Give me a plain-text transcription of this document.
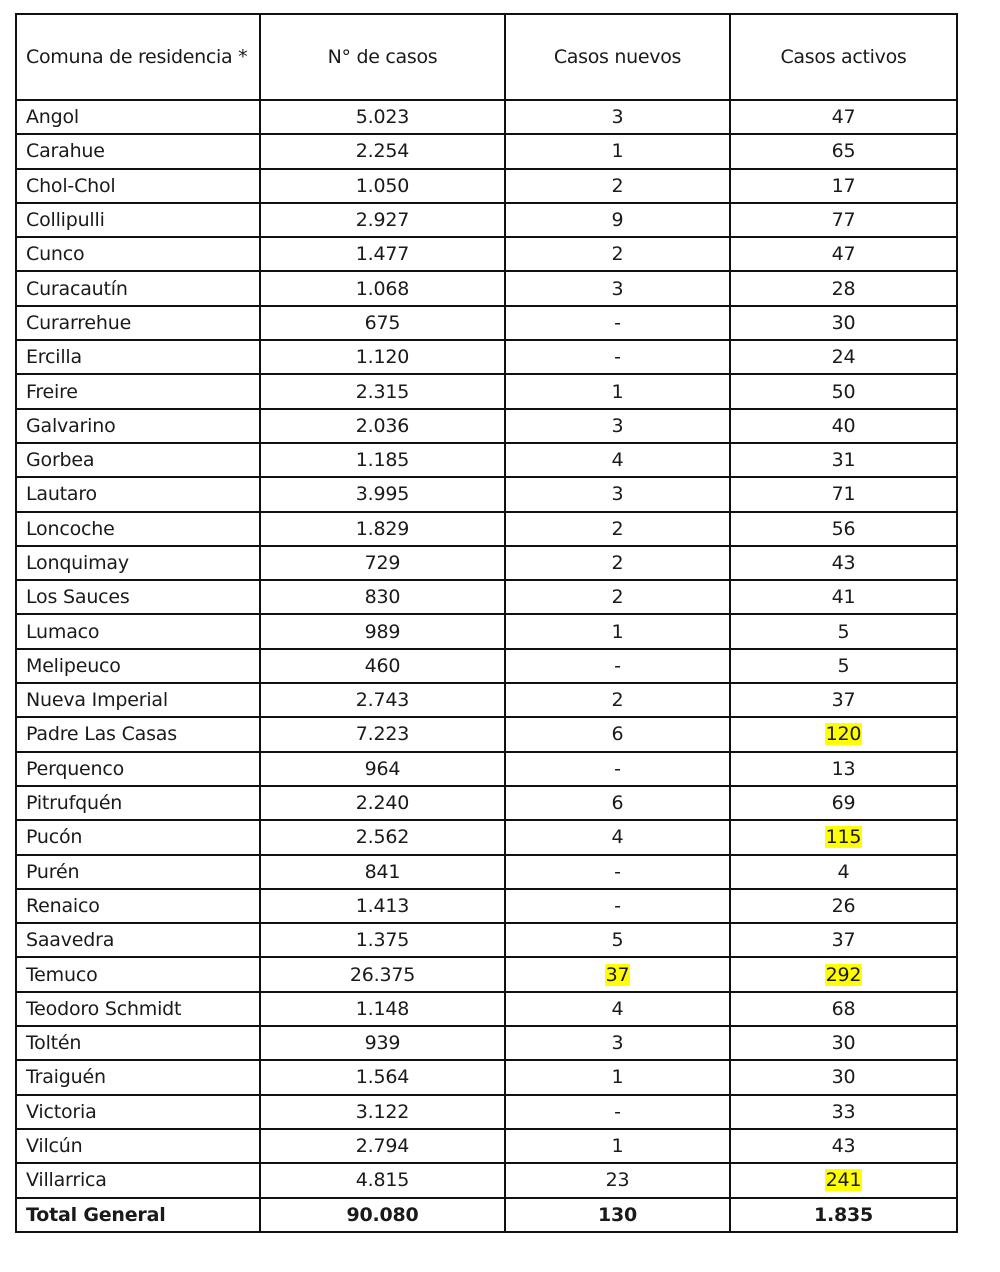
Comuna de residencia *	N° de casos	Casos nuevos	Casos activos
Angol	5.023	3	47
Carahue	2.254	1	65
Chol-Chol	1.050	2	17
Collipulli	2.927	9	77
Cunco	1.477	2	47
Curacautín	1.068	3	28
Curarrehue	675	-	30
Ercilla	1.120	-	24
Freire	2.315	1	50
Galvarino	2.036	3	40
Gorbea	1.185	4	31
Lautaro	3.995	3	71
Loncoche	1.829	2	56
Lonquimay	729	2	43
Los Sauces	830	2	41
Lumaco	989	1	5
Melipeuco	460	-	5
Nueva Imperial	2.743	2	37
Padre Las Casas	7.223	6	120
Perquenco	964	-	13
Pitrufquén	2.240	6	69
Pucón	2.562	4	115
Purén	841	-	4
Renaico	1.413	-	26
Saavedra	1.375	5	37
Temuco	26.375	37	292
Teodoro Schmidt	1.148	4	68
Toltén	939	3	30
Traiguén	1.564	1	30
Victoria	3.122	-	33
Vilcún	2.794	1	43
Villarrica	4.815	23	241
Total General	90.080	130	1.835
